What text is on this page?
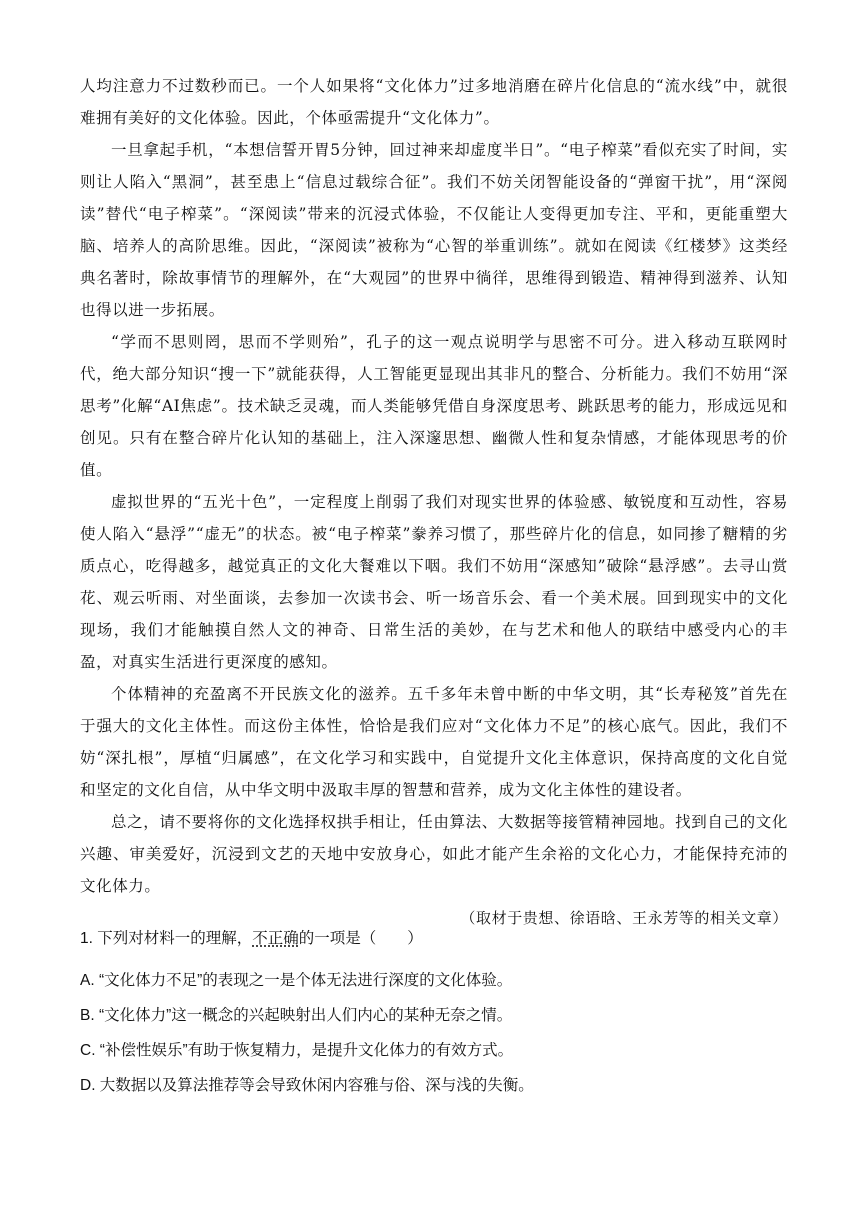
人均注意力不过数秒而已。一个人如果将“文化体力”过多地消磨在碎片化信息的“流水线”中，就很难拥有美好的文化体验。因此，个体亟需提升“文化体力”。

一旦拿起手机，“本想信誓开胃5分钟，回过神来却虚度半日”。“电子榨菜”看似充实了时间，实则让人陷入“黑洞”，甚至患上“信息过载综合征”。我们不妨关闭智能设备的“弹窗干扰”，用“深阅读”替代“电子榨菜”。“深阅读”带来的沉浸式体验，不仅能让人变得更加专注、平和，更能重塑大脑、培养人的高阶思维。因此，“深阅读”被称为“心智的举重训练”。就如在阅读《红楼梦》这类经典名著时，除故事情节的理解外，在“大观园”的世界中徜徉，思维得到锻造、精神得到滋养、认知也得以进一步拓展。

“学而不思则罔，思而不学则殆”，孔子的这一观点说明学与思密不可分。进入移动互联网时代，绝大部分知识“搜一下”就能获得，人工智能更显现出其非凡的整合、分析能力。我们不妨用“深思考”化解“AI焦虑”。技术缺乏灵魂，而人类能够凭借自身深度思考、跳跃思考的能力，形成远见和创见。只有在整合碎片化认知的基础上，注入深邃思想、幽微人性和复杂情感，才能体现思考的价值。

虚拟世界的“五光十色”，一定程度上削弱了我们对现实世界的体验感、敏锐度和互动性，容易使人陷入“悬浮”“虚无”的状态。被“电子榨菜”豢养习惯了，那些碎片化的信息，如同掺了糖精的劣质点心，吃得越多，越觉真正的文化大餐难以下咽。我们不妨用“深感知”破除“悬浮感”。去寻山赏花、观云听雨、对坐面谈，去参加一次读书会、听一场音乐会、看一个美术展。回到现实中的文化现场，我们才能触摸自然人文的神奇、日常生活的美妙，在与艺术和他人的联结中感受内心的丰盈，对真实生活进行更深度的感知。

个体精神的充盈离不开民族文化的滋养。五千多年未曾中断的中华文明，其“长寿秘笈”首先在于强大的文化主体性。而这份主体性，恰恰是我们应对“文化体力不足”的核心底气。因此，我们不妨“深扎根”，厚植“归属感”，在文化学习和实践中，自觉提升文化主体意识，保持高度的文化自觉和坚定的文化自信，从中华文明中汲取丰厚的智慧和营养，成为文化主体性的建设者。

总之，请不要将你的文化选择权拱手相让，任由算法、大数据等接管精神园地。找到自己的文化兴趣、审美爱好，沉浸到文艺的天地中安放身心，如此才能产生余裕的文化心力，才能保持充沛的文化体力。

（取材于贵想、徐语晗、王永芳等的相关文章）

1. 下列对材料一的理解，不正确的一项是（　　）

A. “文化体力不足”的表现之一是个体无法进行深度的文化体验。

B. “文化体力”这一概念的兴起映射出人们内心的某种无奈之情。

C. “补偿性娱乐”有助于恢复精力，是提升文化体力的有效方式。

D. 大数据以及算法推荐等会导致休闲内容雅与俗、深与浅的失衡。
